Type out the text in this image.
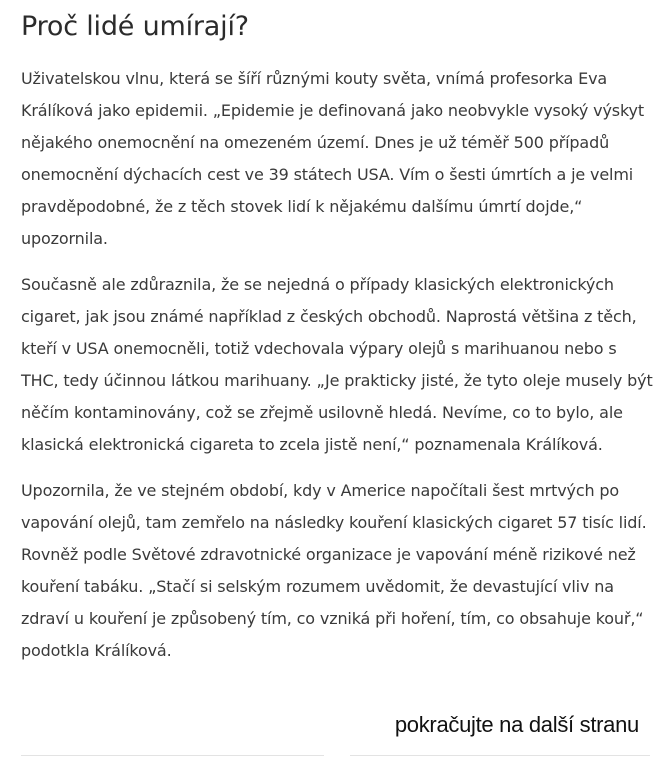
Proč lidé umírají?

Uživatelskou vlnu, která se šíří různými kouty světa, vnímá profesorka Eva Králíková jako epidemii. „Epidemie je definovaná jako neobvykle vysoký výskyt nějakého onemocnění na omezeném území. Dnes je už téměř 500 případů onemocnění dýchacích cest ve 39 státech USA. Vím o šesti úmrtích a je velmi pravděpodobné, že z těch stovek lidí k nějakému dalšímu úmrtí dojde,“ upozornila.

Současně ale zdůraznila, že se nejedná o případy klasických elektronických cigaret, jak jsou známé například z českých obchodů. Naprostá většina z těch, kteří v USA onemocněli, totiž vdechovala výpary olejů s marihuanou nebo s THC, tedy účinnou látkou marihuany. „Je prakticky jisté, že tyto oleje musely být něčím kontaminovány, což se zřejmě usilovně hledá. Nevíme, co to bylo, ale klasická elektronická cigareta to zcela jistě není,“ poznamenala Králíková.

Upozornila, že ve stejném období, kdy v Americe napočítali šest mrtvých po vapování olejů, tam zemřelo na následky kouření klasických cigaret 57 tisíc lidí. Rovněž podle Světové zdravotnické organizace je vapování méně rizikové než kouření tabáku. „Stačí si selským rozumem uvědomit, že devastující vliv na zdraví u kouření je způsobený tím, co vzniká při hoření, tím, co obsahuje kouř,“ podotkla Králíková.

pokračujte na další stranu
